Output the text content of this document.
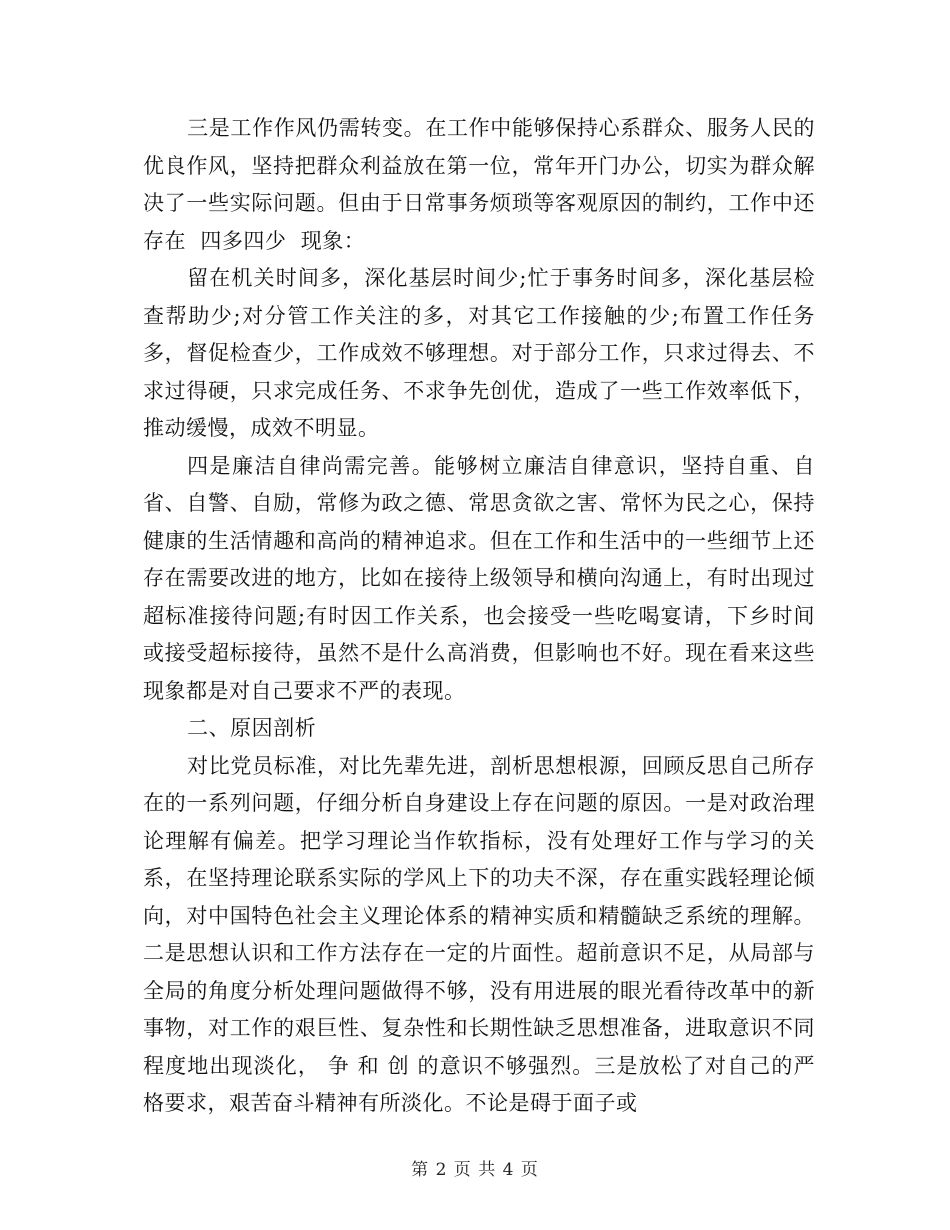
三是工作作风仍需转变。在工作中能够保持心系群众、服务人民的优良作风，坚持把群众利益放在第一位，常年开门办公，切实为群众解决了一些实际问题。但由于日常事务烦琐等客观原因的制约，工作中还存在  四多四少  现象：

留在机关时间多，深化基层时间少;忙于事务时间多，深化基层检查帮助少;对分管工作关注的多，对其它工作接触的少;布置工作任务多，督促检查少，工作成效不够理想。对于部分工作，只求过得去、不求过得硬，只求完成任务、不求争先创优，造成了一些工作效率低下，推动缓慢，成效不明显。

四是廉洁自律尚需完善。能够树立廉洁自律意识，坚持自重、自省、自警、自励，常修为政之德、常思贪欲之害、常怀为民之心，保持健康的生活情趣和高尚的精神追求。但在工作和生活中的一些细节上还存在需要改进的地方，比如在接待上级领导和横向沟通上，有时出现过超标准接待问题;有时因工作关系，也会接受一些吃喝宴请，下乡时间或接受超标接待，虽然不是什么高消费，但影响也不好。现在看来这些现象都是对自己要求不严的表现。

二、原因剖析

对比党员标准，对比先辈先进，剖析思想根源，回顾反思自己所存在的一系列问题，仔细分析自身建设上存在问题的原因。一是对政治理论理解有偏差。把学习理论当作软指标，没有处理好工作与学习的关系，在坚持理论联系实际的学风上下的功夫不深，存在重实践轻理论倾向，对中国特色社会主义理论体系的精神实质和精髓缺乏系统的理解。二是思想认识和工作方法存在一定的片面性。超前意识不足，从局部与全局的角度分析处理问题做得不够，没有用进展的眼光看待改革中的新事物，对工作的艰巨性、复杂性和长期性缺乏思想准备，进取意识不同程度地出现淡化， 争 和 创 的意识不够强烈。三是放松了对自己的严格要求，艰苦奋斗精神有所淡化。不论是碍于面子或

第 2 页 共 4 页
